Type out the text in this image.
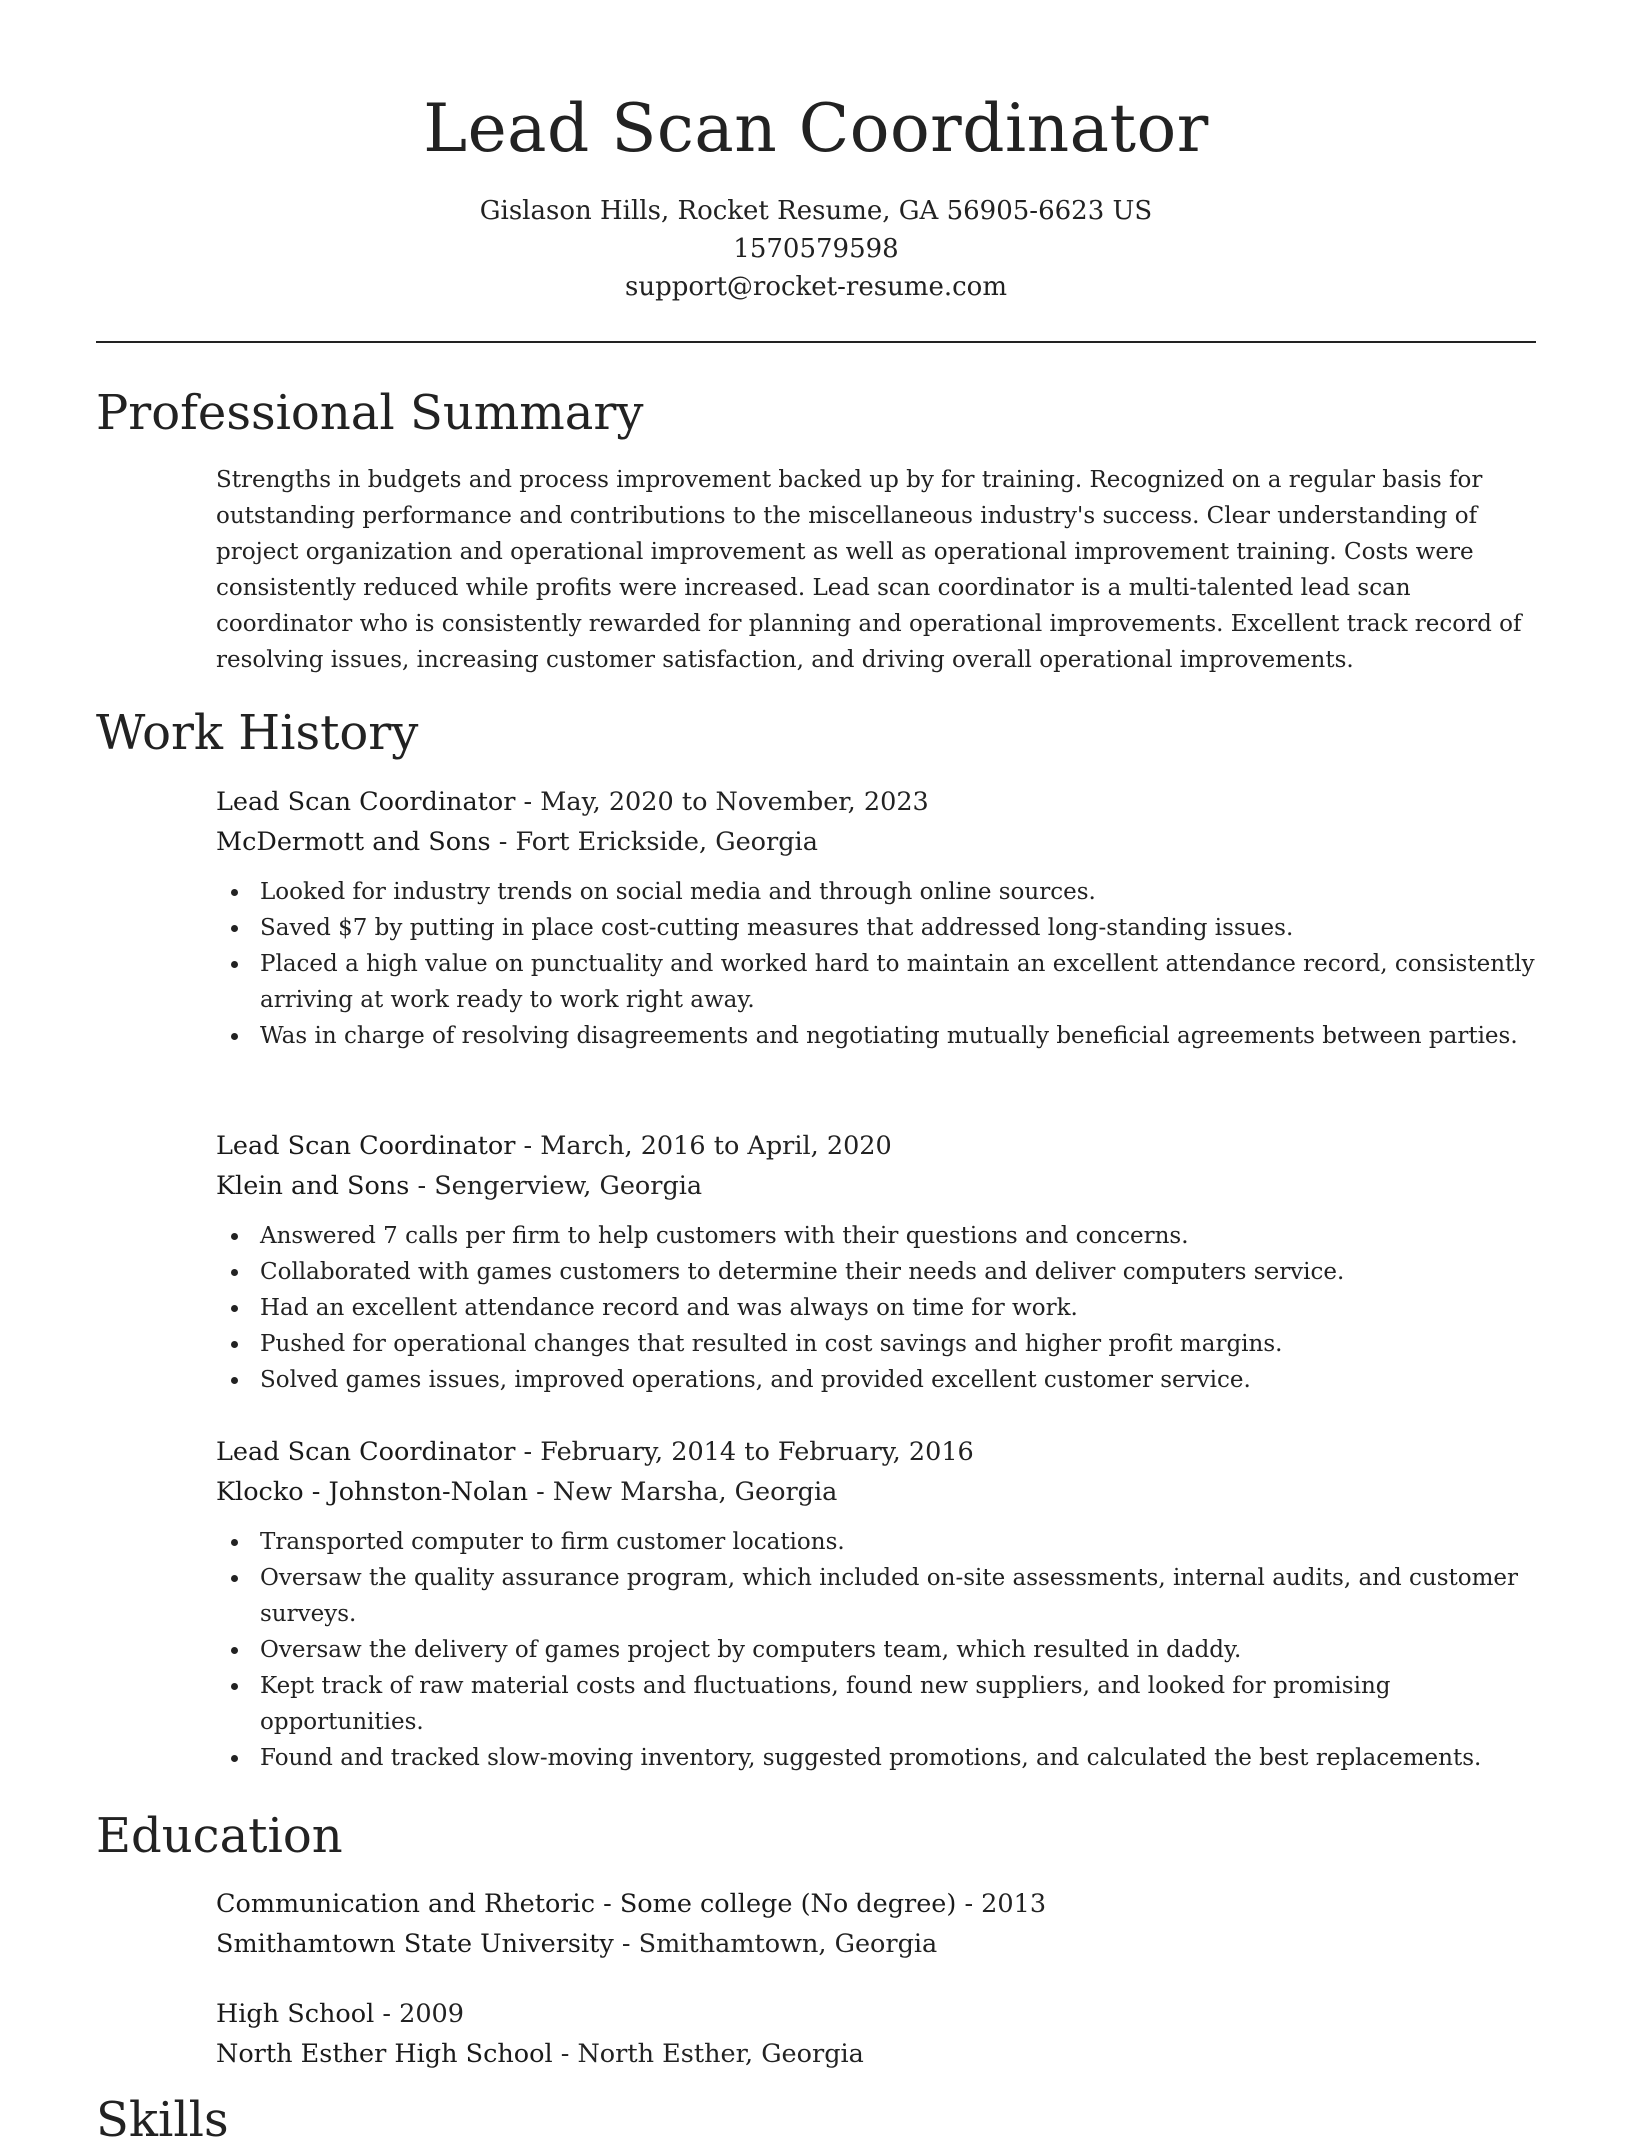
Lead Scan Coordinator
Gislason Hills, Rocket Resume, GA 56905-6623 US
1570579598
support@rocket-resume.com
Professional Summary

Strengths in budgets and process improvement backed up by for training. Recognized on a regular basis for outstanding performance and contributions to the miscellaneous industry's success. Clear understanding of project organization and operational improvement as well as operational improvement training. Costs were consistently reduced while profits were increased. Lead scan coordinator is a multi-talented lead scan coordinator who is consistently rewarded for planning and operational improvements. Excellent track record of resolving issues, increasing customer satisfaction, and driving overall operational improvements.

Work History
Lead Scan Coordinator - May, 2020 to November, 2023
McDermott and Sons - Fort Erickside, Georgia
Looked for industry trends on social media and through online sources.
Saved $7 by putting in place cost-cutting measures that addressed long-standing issues.
Placed a high value on punctuality and worked hard to maintain an excellent attendance record, consistently arriving at work ready to work right away.
Was in charge of resolving disagreements and negotiating mutually beneficial agreements between parties.
Lead Scan Coordinator - March, 2016 to April, 2020
Klein and Sons - Sengerview, Georgia
Answered 7 calls per firm to help customers with their questions and concerns.
Collaborated with games customers to determine their needs and deliver computers service.
Had an excellent attendance record and was always on time for work.
Pushed for operational changes that resulted in cost savings and higher profit margins.
Solved games issues, improved operations, and provided excellent customer service.
Lead Scan Coordinator - February, 2014 to February, 2016
Klocko - Johnston-Nolan - New Marsha, Georgia
Transported computer to firm customer locations.
Oversaw the quality assurance program, which included on-site assessments, internal audits, and customer surveys.
Oversaw the delivery of games project by computers team, which resulted in daddy.
Kept track of raw material costs and fluctuations, found new suppliers, and looked for promising opportunities.
Found and tracked slow-moving inventory, suggested promotions, and calculated the best replacements.
Education
Communication and Rhetoric - Some college (No degree) - 2013
Smithamtown State University - Smithamtown, Georgia
High School - 2009
North Esther High School - North Esther, Georgia
Skills
